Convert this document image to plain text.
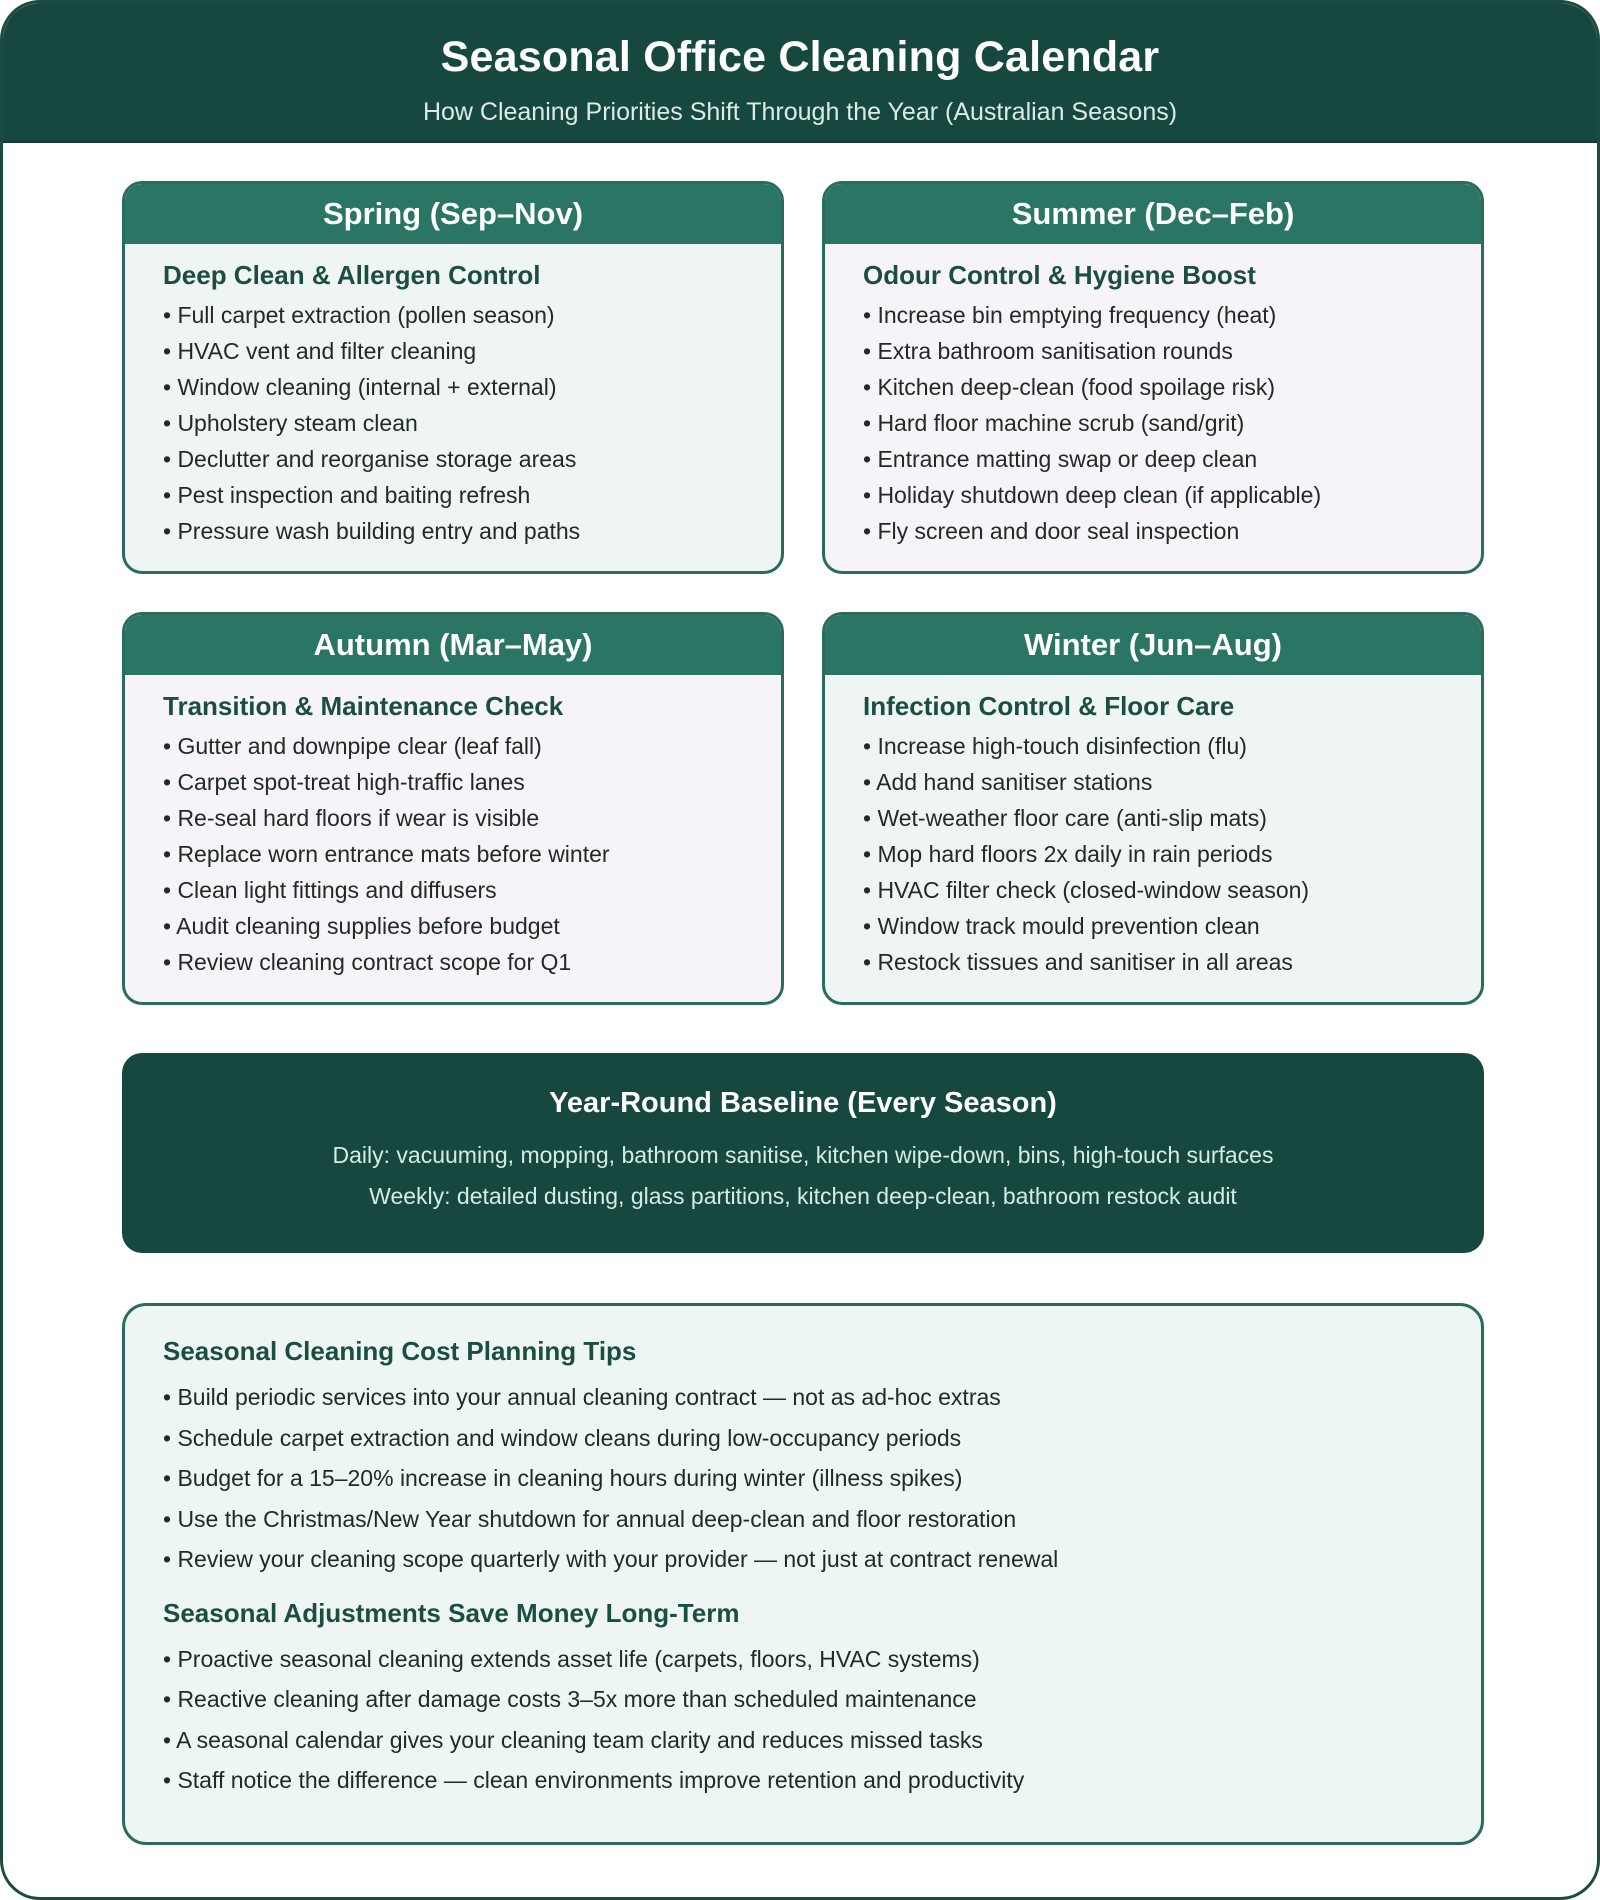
Seasonal Office Cleaning Calendar
How Cleaning Priorities Shift Through the Year (Australian Seasons)
Spring (Sep–Nov)
Deep Clean & Allergen Control
• Full carpet extraction (pollen season)
• HVAC vent and filter cleaning
• Window cleaning (internal + external)
• Upholstery steam clean
• Declutter and reorganise storage areas
• Pest inspection and baiting refresh
• Pressure wash building entry and paths
Summer (Dec–Feb)
Odour Control & Hygiene Boost
• Increase bin emptying frequency (heat)
• Extra bathroom sanitisation rounds
• Kitchen deep-clean (food spoilage risk)
• Hard floor machine scrub (sand/grit)
• Entrance matting swap or deep clean
• Holiday shutdown deep clean (if applicable)
• Fly screen and door seal inspection
Autumn (Mar–May)
Transition & Maintenance Check
• Gutter and downpipe clear (leaf fall)
• Carpet spot-treat high-traffic lanes
• Re-seal hard floors if wear is visible
• Replace worn entrance mats before winter
• Clean light fittings and diffusers
• Audit cleaning supplies before budget
• Review cleaning contract scope for Q1
Winter (Jun–Aug)
Infection Control & Floor Care
• Increase high-touch disinfection (flu)
• Add hand sanitiser stations
• Wet-weather floor care (anti-slip mats)
• Mop hard floors 2x daily in rain periods
• HVAC filter check (closed-window season)
• Window track mould prevention clean
• Restock tissues and sanitiser in all areas
Year-Round Baseline (Every Season)

Daily: vacuuming, mopping, bathroom sanitise, kitchen wipe-down, bins, high-touch surfaces

Weekly: detailed dusting, glass partitions, kitchen deep-clean, bathroom restock audit

Seasonal Cleaning Cost Planning Tips
• Build periodic services into your annual cleaning contract — not as ad-hoc extras
• Schedule carpet extraction and window cleans during low-occupancy periods
• Budget for a 15–20% increase in cleaning hours during winter (illness spikes)
• Use the Christmas/New Year shutdown for annual deep-clean and floor restoration
• Review your cleaning scope quarterly with your provider — not just at contract renewal
Seasonal Adjustments Save Money Long-Term
• Proactive seasonal cleaning extends asset life (carpets, floors, HVAC systems)
• Reactive cleaning after damage costs 3–5x more than scheduled maintenance
• A seasonal calendar gives your cleaning team clarity and reduces missed tasks
• Staff notice the difference — clean environments improve retention and productivity
